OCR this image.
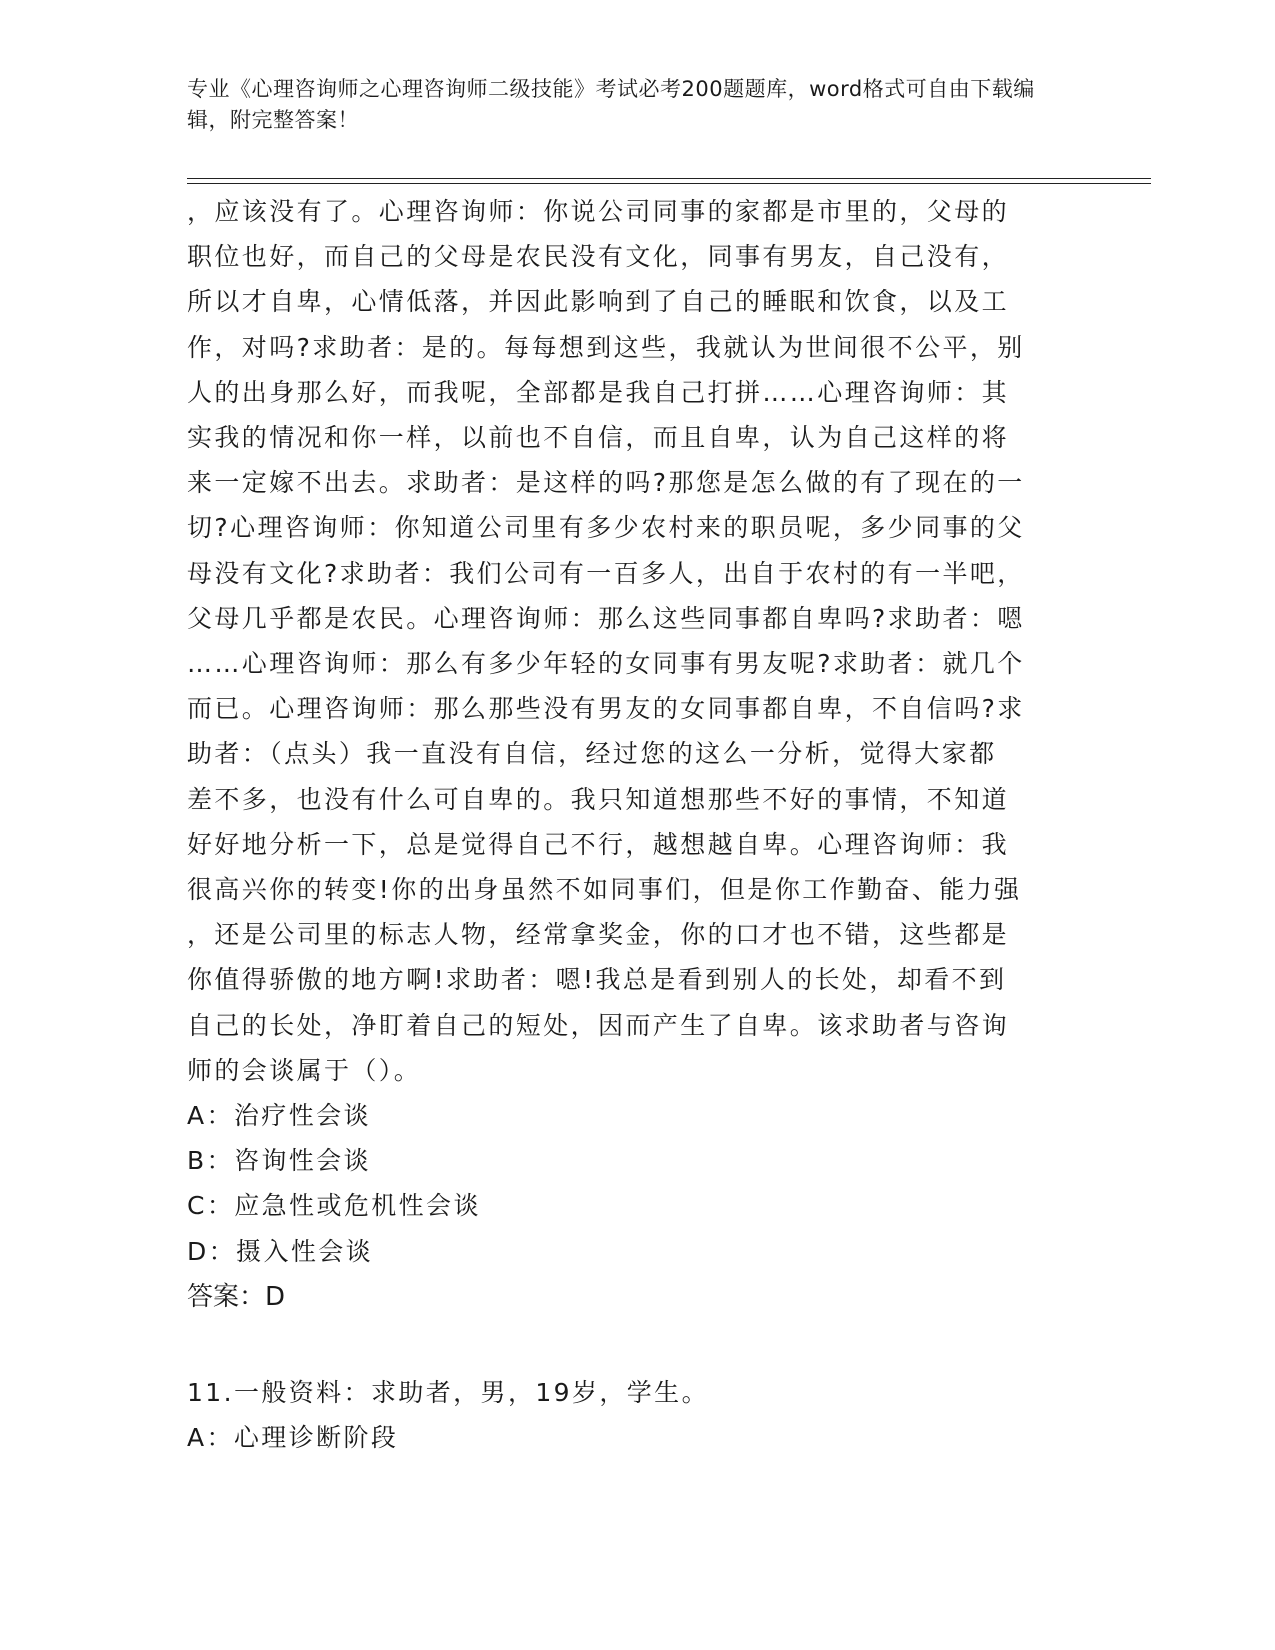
专业《心理咨询师之心理咨询师二级技能》考试必考200题题库，word格式可自由下载编辑，附完整答案！

，应该没有了。心理咨询师：你说公司同事的家都是市里的，父母的

职位也好，而自己的父母是农民没有文化，同事有男友，自己没有，

所以才自卑，心情低落，并因此影响到了自己的睡眠和饮食，以及工

作，对吗?求助者：是的。每每想到这些，我就认为世间很不公平，别

人的出身那么好，而我呢，全部都是我自己打拼……心理咨询师：其

实我的情况和你一样，以前也不自信，而且自卑，认为自己这样的将

来一定嫁不出去。求助者：是这样的吗?那您是怎么做的有了现在的一

切?心理咨询师：你知道公司里有多少农村来的职员呢，多少同事的父

母没有文化?求助者：我们公司有一百多人，出自于农村的有一半吧，

父母几乎都是农民。心理咨询师：那么这些同事都自卑吗?求助者：嗯

……心理咨询师：那么有多少年轻的女同事有男友呢?求助者：就几个

而已。心理咨询师：那么那些没有男友的女同事都自卑，不自信吗?求

助者：（点头）我一直没有自信，经过您的这么一分析，觉得大家都

差不多，也没有什么可自卑的。我只知道想那些不好的事情，不知道

好好地分析一下，总是觉得自己不行，越想越自卑。心理咨询师：我

很高兴你的转变!你的出身虽然不如同事们，但是你工作勤奋、能力强

，还是公司里的标志人物，经常拿奖金，你的口才也不错，这些都是

你值得骄傲的地方啊!求助者：嗯!我总是看到别人的长处，却看不到

自己的长处，净盯着自己的短处，因而产生了自卑。该求助者与咨询

师的会谈属于（）。

A：治疗性会谈

B：咨询性会谈

C：应急性或危机性会谈

D：摄入性会谈

答案：D

11.一般资料：求助者，男，19岁，学生。

A：心理诊断阶段
